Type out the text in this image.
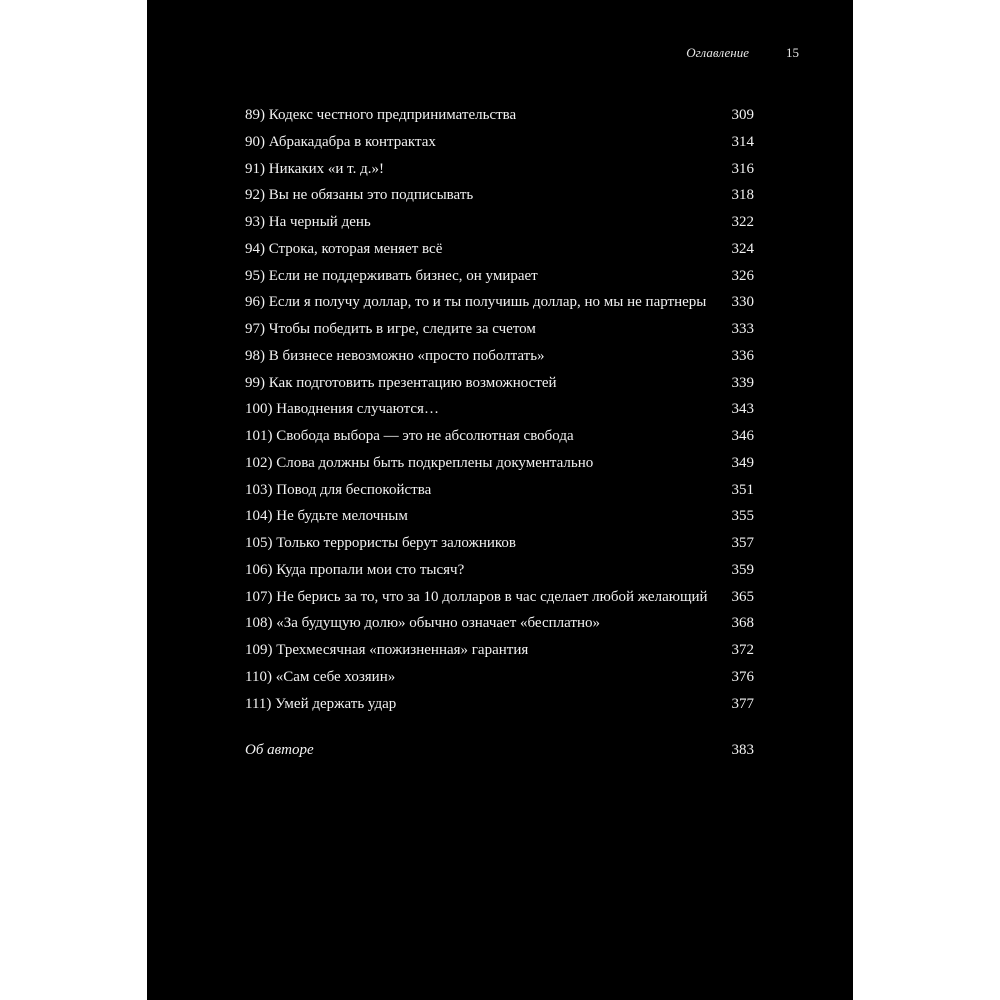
Оглавление	15
89) Кодекс честного предпринимательства	309
90) Абракадабра в контрактах	314
91) Никаких «и т. д.»!	316
92) Вы не обязаны это подписывать	318
93) На черный день	322
94) Строка, которая меняет всё	324
95) Если не поддерживать бизнес, он умирает	326
96) Если я получу доллар, то и ты получишь доллар, но мы не партнеры 330
97) Чтобы победить в игре, следите за счетом	333
98) В бизнесе невозможно «просто поболтать»	336
99) Как подготовить презентацию возможностей	339
100) Наводнения случаются…	343
101) Свобода выбора — это не абсолютная свобода	346
102) Слова должны быть подкреплены документально	349
103) Повод для беспокойства	351
104) Не будьте мелочным	355
105) Только террористы берут заложников	357
106) Куда пропали мои сто тысяч?	359
107) Не берись за то, что за 10 долларов в час сделает любой желающий 365
108) «За будущую долю» обычно означает «бесплатно»	368
109) Трехмесячная «пожизненная» гарантия	372
110) «Сам себе хозяин»	376
111) Умей держать удар	377
Об авторе	383
